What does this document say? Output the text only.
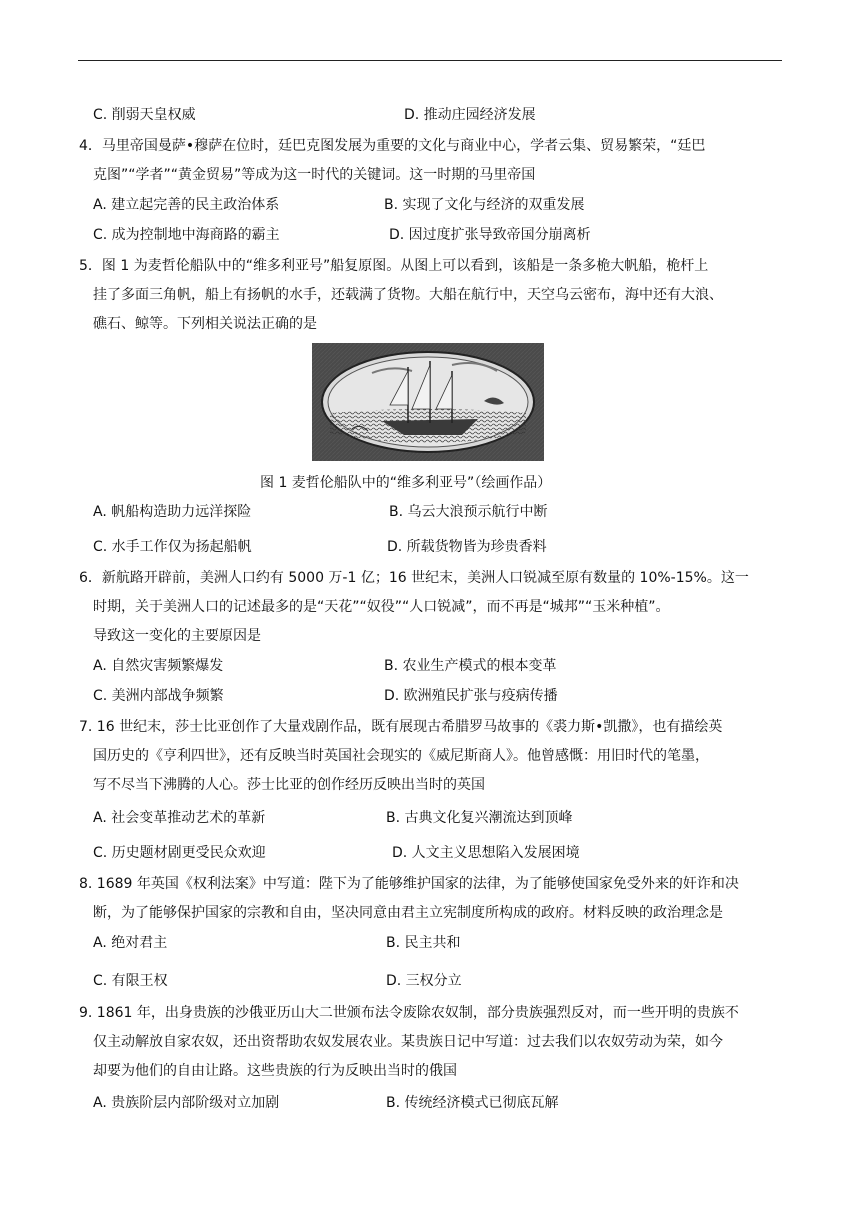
C. 削弱天皇权威	D. 推动庄园经济发展
4．马里帝国曼萨•穆萨在位时，廷巴克图发展为重要的文化与商业中心，学者云集、贸易繁荣，“廷巴
克图”“学者”“黄金贸易”等成为这一时代的关键词。这一时期的马里帝国
A. 建立起完善的民主政治体系	B. 实现了文化与经济的双重发展
C. 成为控制地中海商路的霸主	D. 因过度扩张导致帝国分崩离析
5．图 1 为麦哲伦船队中的“维多利亚号”船复原图。从图上可以看到，该船是一条多桅大帆船，桅杆上
挂了多面三角帆，船上有扬帆的水手，还载满了货物。大船在航行中，天空乌云密布，海中还有大浪、
礁石、鲸等。下列相关说法正确的是
图 1 麦哲伦船队中的“维多利亚号”（绘画作品）
A. 帆船构造助力远洋探险	B. 乌云大浪预示航行中断
C. 水手工作仅为扬起船帆	D. 所载货物皆为珍贵香料
6．新航路开辟前，美洲人口约有 5000 万-1 亿；16 世纪末，美洲人口锐减至原有数量的 10%-15%。这一
时期，关于美洲人口的记述最多的是“天花”“奴役”“人口锐减”，而不再是“城邦”“玉米种植”。
导致这一变化的主要原因是
A. 自然灾害频繁爆发	B. 农业生产模式的根本变革
C. 美洲内部战争频繁	D. 欧洲殖民扩张与疫病传播
7. 16 世纪末，莎士比亚创作了大量戏剧作品，既有展现古希腊罗马故事的《裘力斯•凯撒》，也有描绘英
国历史的《亨利四世》，还有反映当时英国社会现实的《威尼斯商人》。他曾感慨：用旧时代的笔墨，
写不尽当下沸腾的人心。莎士比亚的创作经历反映出当时的英国
A. 社会变革推动艺术的革新	B. 古典文化复兴潮流达到顶峰
C. 历史题材剧更受民众欢迎	D. 人文主义思想陷入发展困境
8. 1689 年英国《权利法案》中写道：陛下为了能够维护国家的法律，为了能够使国家免受外来的奸诈和决
断，为了能够保护国家的宗教和自由，坚决同意由君主立宪制度所构成的政府。材料反映的政治理念是
A. 绝对君主	B. 民主共和
C. 有限王权	D. 三权分立
9. 1861 年，出身贵族的沙俄亚历山大二世颁布法令废除农奴制，部分贵族强烈反对，而一些开明的贵族不
仅主动解放自家农奴，还出资帮助农奴发展农业。某贵族日记中写道：过去我们以农奴劳动为荣，如今
却要为他们的自由让路。这些贵族的行为反映出当时的俄国
A. 贵族阶层内部阶级对立加剧	B. 传统经济模式已彻底瓦解
